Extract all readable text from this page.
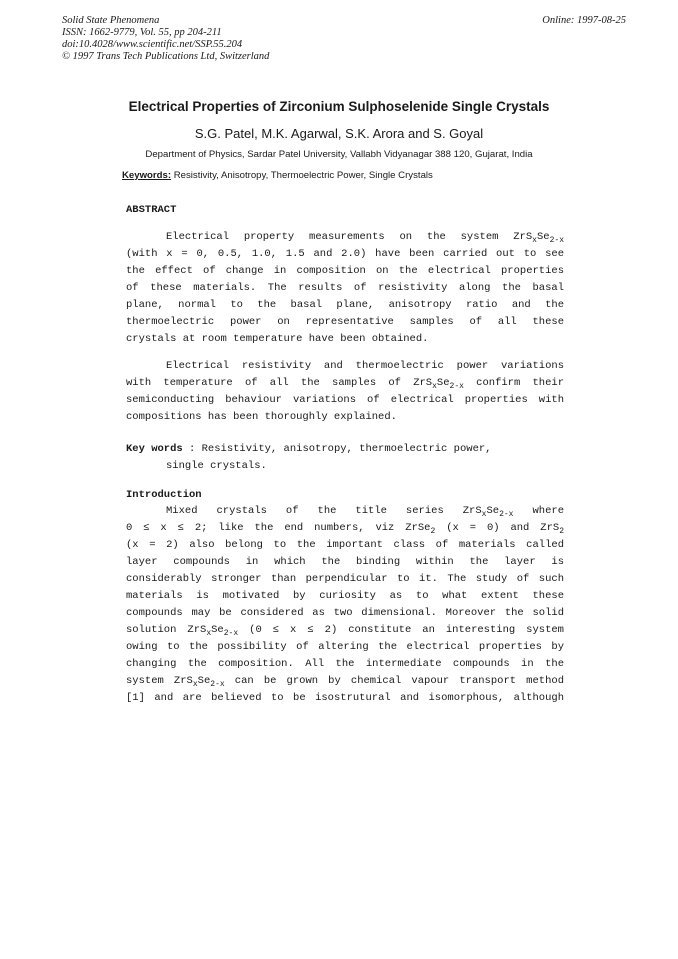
Solid State Phenomena
ISSN: 1662-9779, Vol. 55, pp 204-211
doi:10.4028/www.scientific.net/SSP.55.204
© 1997 Trans Tech Publications Ltd, Switzerland
Online: 1997-08-25
Electrical Properties of Zirconium Sulphoselenide Single Crystals
S.G. Patel, M.K. Agarwal, S.K. Arora and S. Goyal
Department of Physics, Sardar Patel University, Vallabh Vidyanagar 388 120, Gujarat, India
Keywords: Resistivity, Anisotropy, Thermoelectric Power, Single Crystals
ABSTRACT
Electrical property measurements on the system $ZrS_xSe_{2-x}$
(with x = 0, 0.5, 1.0, 1.5 and 2.0) have been carried out to see
the effect of change in composition on the electrical properties
of these materials. The results of resistivity along the basal
plane, normal to the basal plane, anisotropy ratio and the
thermoelectric power on representative samples of all these
crystals at room temperature have been obtained.
Electrical resistivity and thermoelectric power variations
with temperature of all the samples of $ZrS_xSe_{2-x}$ confirm their
semiconducting behaviour variations of electrical properties with
compositions has been thoroughly explained.
Key words : Resistivity, anisotropy, thermoelectric power,
single crystals.
Introduction
Mixed crystals of the title series $ZrS_xSe_{2-x}$ where
0 ≤ x ≤ 2; like the end numbers, viz ZrSe$_2$ (x = 0) and ZrS$_2$
(x = 2) also belong to the important class of materials called
layer compounds in which the binding within the layer is
considerably stronger than perpendicular to it. The study of such
materials is motivated by curiosity as to what extent these
compounds may be considered as two dimensional. Moreover the solid
solution $ZrS_xSe_{2-x}$ (0 ≤ x ≤ 2) constitute an interesting system
owing to the possibility of altering the electrical properties by
changing the composition. All the intermediate compounds in the
system $ZrS_xSe_{2-x}$ can be grown by chemical vapour transport method
[1] and are believed to be isostrutural and isomorphous, although
